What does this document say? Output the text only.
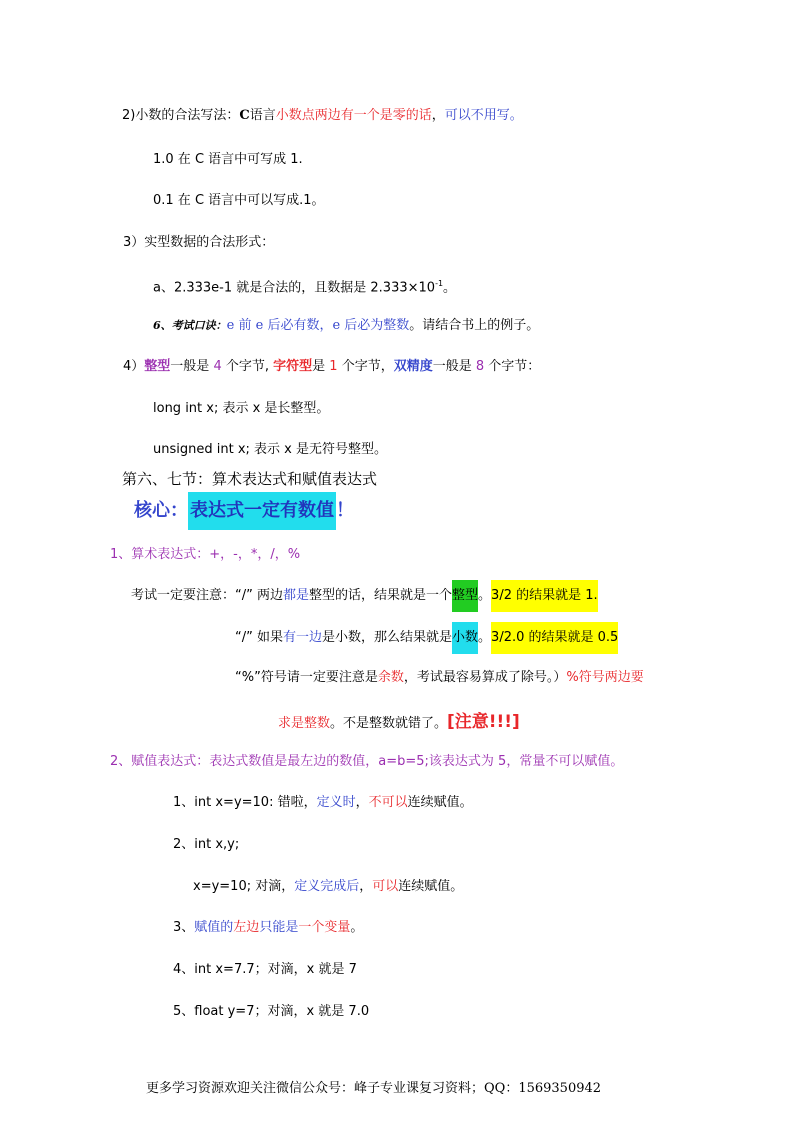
2)小数的合法写法：C语言小数点两边有一个是零的话，可以不用写。
1.0 在 C 语言中可写成 1.
0.1 在 C 语言中可以写成.1。
3）实型数据的合法形式：
a、2.333e-1 就是合法的，且数据是 $2.333\times 10^{-1}$。
6、考试口诀：e 前 e 后必有数，e 后必为整数。请结合书上的例子。
4）整型一般是 4 个字节, 字符型是 1 个字节，双精度一般是 8 个字节：
long int x; 表示 x 是长整型。
unsigned int x; 表示 x 是无符号整型。
第六、七节：算术表达式和赋值表达式
核心： 表达式一定有数值 ！
1、算术表达式：+，-，*，/，%
考试一定要注意：“/” 两边都是整型的话，结果就是一个整型。3/2 的结果就是 1.
“/” 如果有一边是小数，那么结果就是小数。3/2.0 的结果就是 0.5
“%”符号请一定要注意是余数，考试最容易算成了除号。）%符号两边要
求是整数。不是整数就错了。[注意!!!]
2、赋值表达式：表达式数值是最左边的数值，a=b=5;该表达式为 5，常量不可以赋值。
1、int x=y=10: 错啦，定义时，不可以连续赋值。
2、int x,y;
x=y=10; 对滴，定义完成后，可以连续赋值。
3、赋值的左边只能是一个变量。
4、int x=7.7；对滴，x 就是 7
5、float y=7；对滴，x 就是 7.0
更多学习资源欢迎关注微信公众号：峰子专业课复习资料；QQ：1569350942
